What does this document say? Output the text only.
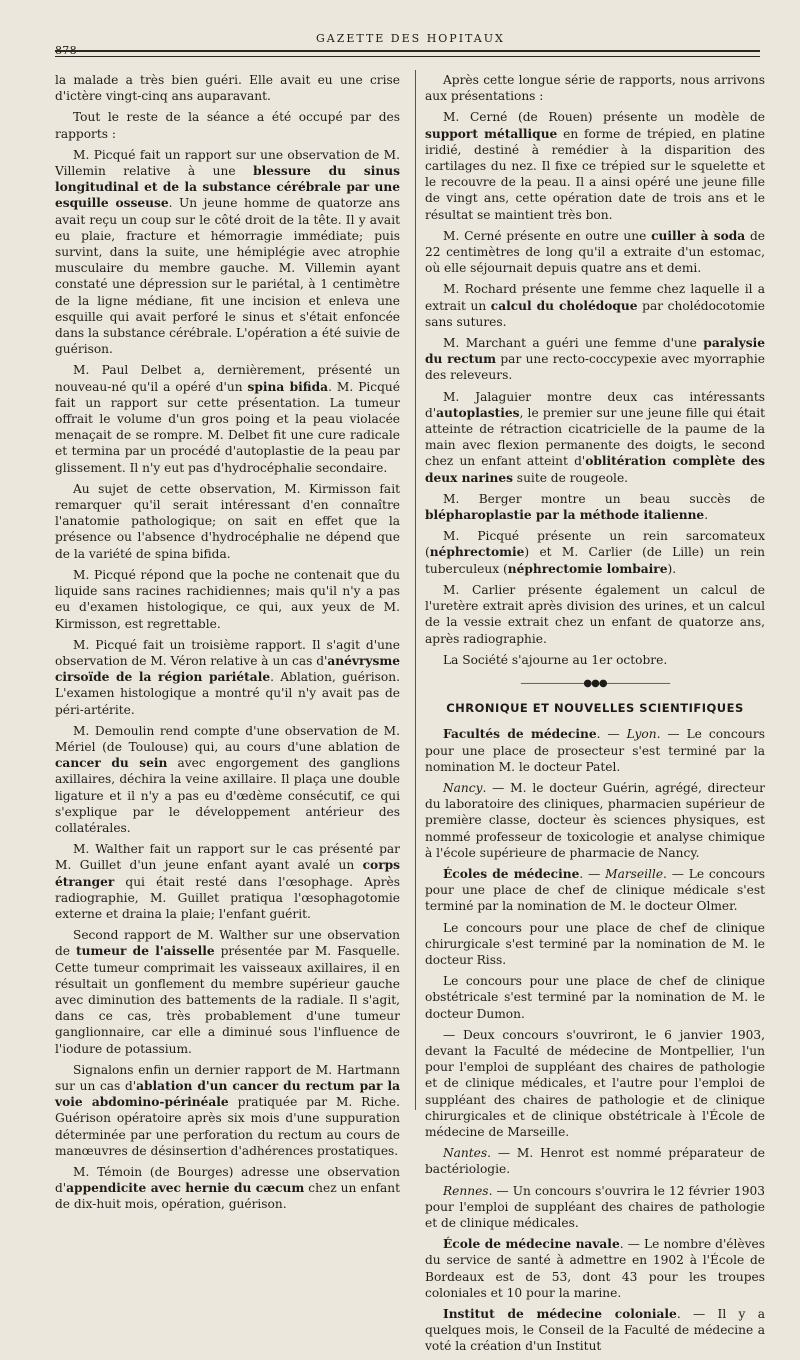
878
GAZETTE DES HOPITAUX

la malade a très bien guéri. Elle avait eu une crise d'ictère vingt-cinq ans auparavant.

Tout le reste de la séance a été occupé par des rapports :

M. Picqué fait un rapport sur une observation de M. Villemin relative à une blessure du sinus longitudinal et de la substance cérébrale par une esquille osseuse. Un jeune homme de quatorze ans avait reçu un coup sur le côté droit de la tête. Il y avait eu plaie, fracture et hémorragie immédiate; puis survint, dans la suite, une hémiplégie avec atrophie musculaire du membre gauche. M. Villemin ayant constaté une dépression sur le pariétal, à 1 centimètre de la ligne médiane, fit une incision et enleva une esquille qui avait perforé le sinus et s'était enfoncée dans la substance cérébrale. L'opération a été suivie de guérison.

M. Paul Delbet a, dernièrement, présenté un nouveau-né qu'il a opéré d'un spina bifida. M. Picqué fait un rapport sur cette présentation. La tumeur offrait le volume d'un gros poing et la peau violacée menaçait de se rompre. M. Delbet fit une cure radicale et termina par un procédé d'autoplastie de la peau par glissement. Il n'y eut pas d'hydrocéphalie secondaire.

Au sujet de cette observation, M. Kirmisson fait remarquer qu'il serait intéressant d'en connaître l'anatomie pathologique; on sait en effet que la présence ou l'absence d'hydrocéphalie ne dépend que de la variété de spina bifida.

M. Picqué répond que la poche ne contenait que du liquide sans racines rachidiennes; mais qu'il n'y a pas eu d'examen histologique, ce qui, aux yeux de M. Kirmisson, est regrettable.

M. Picqué fait un troisième rapport. Il s'agit d'une observation de M. Véron relative à un cas d'anévrysme cirsoïde de la région pariétale. Ablation, guérison. L'examen histologique a montré qu'il n'y avait pas de péri-artérite.

M. Demoulin rend compte d'une observation de M. Mériel (de Toulouse) qui, au cours d'une ablation de cancer du sein avec engorgement des ganglions axillaires, déchira la veine axillaire. Il plaça une double ligature et il n'y a pas eu d'œdème consécutif, ce qui s'explique par le développement antérieur des collatérales.

M. Walther fait un rapport sur le cas présenté par M. Guillet d'un jeune enfant ayant avalé un corps étranger qui était resté dans l'œsophage. Après radiographie, M. Guillet pratiqua l'œsophagotomie externe et draina la plaie; l'enfant guérit.

Second rapport de M. Walther sur une observation de tumeur de l'aisselle présentée par M. Fasquelle. Cette tumeur comprimait les vaisseaux axillaires, il en résultait un gonflement du membre supérieur gauche avec diminution des battements de la radiale. Il s'agit, dans ce cas, très probablement d'une tumeur ganglionnaire, car elle a diminué sous l'influence de l'iodure de potassium.

Signalons enfin un dernier rapport de M. Hartmann sur un cas d'ablation d'un cancer du rectum par la voie abdomino-périnéale pratiquée par M. Riche. Guérison opératoire après six mois d'une suppuration déterminée par une perforation du rectum au cours de manœuvres de désinsertion d'adhérences prostatiques.

M. Témoin (de Bourges) adresse une observation d'appendicite avec hernie du cæcum chez un enfant de dix-huit mois, opération, guérison.

Après cette longue série de rapports, nous arrivons aux présentations :

M. Cerné (de Rouen) présente un modèle de support métallique en forme de trépied, en platine iridié, destiné à remédier à la disparition des cartilages du nez. Il fixe ce trépied sur le squelette et le recouvre de la peau. Il a ainsi opéré une jeune fille de vingt ans, cette opération date de trois ans et le résultat se maintient très bon.

M. Cerné présente en outre une cuiller à soda de 22 centimètres de long qu'il a extraite d'un estomac, où elle séjournait depuis quatre ans et demi.

M. Rochard présente une femme chez laquelle il a extrait un calcul du cholédoque par cholédocotomie sans sutures.

M. Marchant a guéri une femme d'une paralysie du rectum par une recto-coccypexie avec myorraphie des releveurs.

M. Jalaguier montre deux cas intéressants d'autoplasties, le premier sur une jeune fille qui était atteinte de rétraction cicatricielle de la paume de la main avec flexion permanente des doigts, le second chez un enfant atteint d'oblitération complète des deux narines suite de rougeole.

M. Berger montre un beau succès de blépharoplastie par la méthode italienne.

M. Picqué présente un rein sarcomateux (néphrectomie) et M. Carlier (de Lille) un rein tuberculeux (néphrectomie lombaire).

M. Carlier présente également un calcul de l'uretère extrait après division des urines, et un calcul de la vessie extrait chez un enfant de quatorze ans, après radiographie.

La Société s'ajourne au 1er octobre.

———————●●●———————
CHRONIQUE ET NOUVELLES SCIENTIFIQUES

Facultés de médecine. — Lyon. — Le concours pour une place de prosecteur s'est terminé par la nomination M. le docteur Patel.

Nancy. — M. le docteur Guérin, agrégé, directeur du laboratoire des cliniques, pharmacien supérieur de première classe, docteur ès sciences physiques, est nommé professeur de toxicologie et analyse chimique à l'école supérieure de pharmacie de Nancy.

Écoles de médecine. — Marseille. — Le concours pour une place de chef de clinique médicale s'est terminé par la nomination de M. le docteur Olmer.

Le concours pour une place de chef de clinique chirurgicale s'est terminé par la nomination de M. le docteur Riss.

Le concours pour une place de chef de clinique obstétricale s'est terminé par la nomination de M. le docteur Dumon.

— Deux concours s'ouvriront, le 6 janvier 1903, devant la Faculté de médecine de Montpellier, l'un pour l'emploi de suppléant des chaires de pathologie et de clinique médicales, et l'autre pour l'emploi de suppléant des chaires de pathologie et de clinique chirurgicales et de clinique obstétricale à l'École de médecine de Marseille.

Nantes. — M. Henrot est nommé préparateur de bactériologie.

Rennes. — Un concours s'ouvrira le 12 février 1903 pour l'emploi de suppléant des chaires de pathologie et de clinique médicales.

École de médecine navale. — Le nombre d'élèves du service de santé à admettre en 1902 à l'École de Bordeaux est de 53, dont 43 pour les troupes coloniales et 10 pour la marine.

Institut de médecine coloniale. — Il y a quelques mois, le Conseil de la Faculté de médecine a voté la création d'un Institut
